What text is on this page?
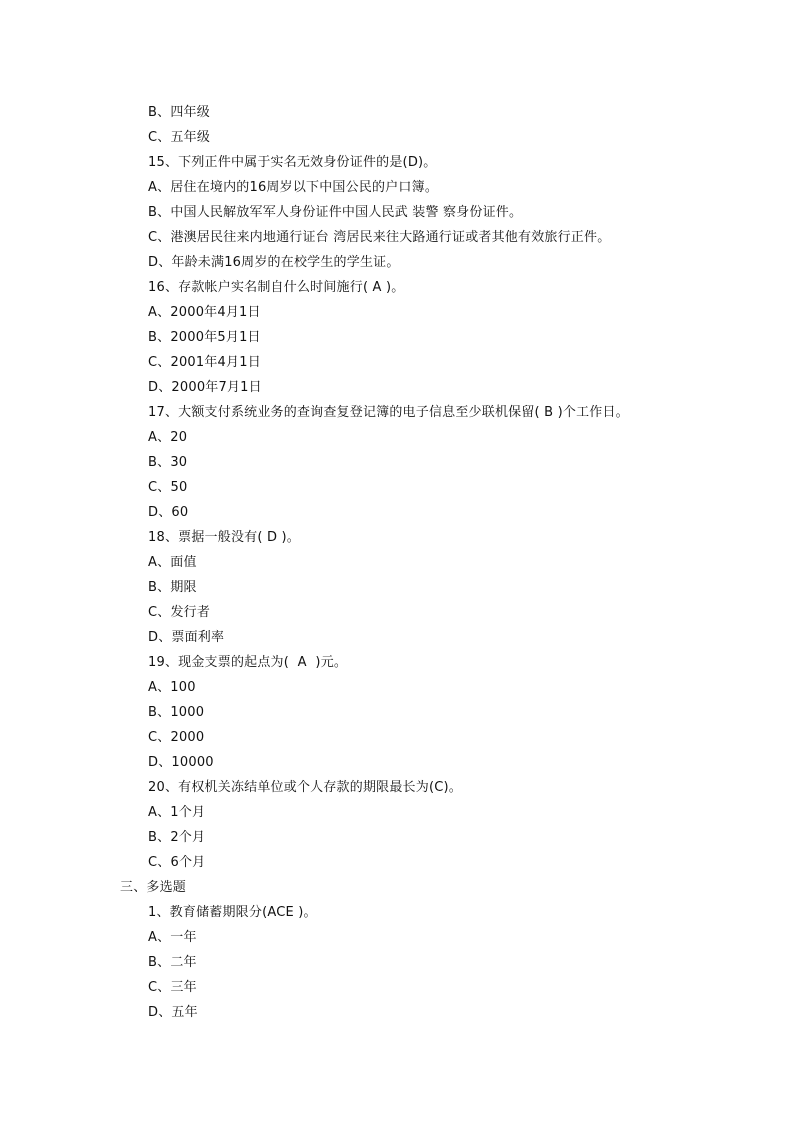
B、四年级
C、五年级
15、下列正件中属于实名无效身份证件的是(D)。
A、居住在境内的16周岁以下中国公民的户口簿。
B、中国人民解放军军人身份证件中国人民武 装警 察身份证件。
C、港澳居民往来内地通行证台 湾居民来往大路通行证或者其他有效旅行正件。
D、年龄未满16周岁的在校学生的学生证。
16、存款帐户实名制自什么时间施行( A )。
A、2000年4月1日
B、2000年5月1日
C、2001年4月1日
D、2000年7月1日
17、大额支付系统业务的查询查复登记簿的电子信息至少联机保留( B )个工作日。
A、20
B、30
C、50
D、60
18、票据一般没有( D )。
A、面值
B、期限
C、发行者
D、票面利率
19、现金支票的起点为(  A  )元。
A、100
B、1000
C、2000
D、10000
20、有权机关冻结单位或个人存款的期限最长为(C)。
A、1个月
B、2个月
C、6个月
三、多选题
1、教育储蓄期限分(ACE )。
A、一年
B、二年
C、三年
D、五年
